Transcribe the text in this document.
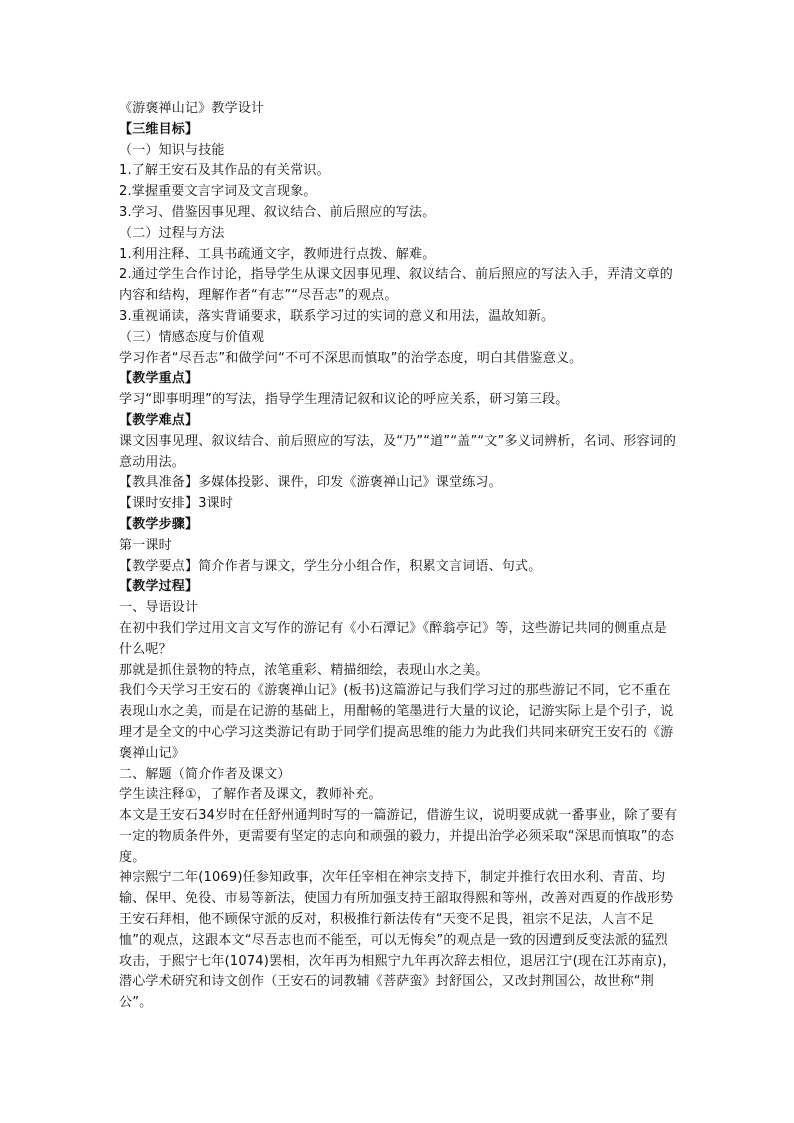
《游褒禅山记》教学设计

【三维目标】

（一）知识与技能

1.了解王安石及其作品的有关常识。

2.掌握重要文言字词及文言现象。

3.学习、借鉴因事见理、叙议结合、前后照应的写法。

（二）过程与方法

1.利用注释、工具书疏通文字，教师进行点拨、解难。

2.通过学生合作讨论，指导学生从课文因事见理、叙议结合、前后照应的写法入手，弄清文章的内容和结构，理解作者“有志”“尽吾志”的观点。

3.重视诵读，落实背诵要求，联系学习过的实词的意义和用法，温故知新。

（三）情感态度与价值观

学习作者“尽吾志”和做学问“不可不深思而慎取”的治学态度，明白其借鉴意义。

【教学重点】

学习“即事明理”的写法，指导学生理清记叙和议论的呼应关系，研习第三段。

【教学难点】

课文因事见理、叙议结合、前后照应的写法，及“乃”“道”“盖”“文”多义词辨析，名词、形容词的意动用法。

【教具准备】多媒体投影、课件，印发《游褒禅山记》课堂练习。

【课时安排】3课时

【教学步骤】

第一课时

【教学要点】简介作者与课文，学生分小组合作，积累文言词语、句式。

【教学过程】

一、导语设计

在初中我们学过用文言文写作的游记有《小石潭记》《醉翁亭记》等，这些游记共同的侧重点是什么呢？

那就是抓住景物的特点，浓笔重彩、精描细绘，表现山水之美。

我们今天学习王安石的《游褒禅山记》(板书)这篇游记与我们学习过的那些游记不同，它不重在表现山水之美，而是在记游的基础上，用酣畅的笔墨进行大量的议论，记游实际上是个引子，说理才是全文的中心学习这类游记有助于同学们提高思维的能力为此我们共同来研究王安石的《游褒禅山记》

二、解题（简介作者及课文）

学生读注释①，了解作者及课文，教师补充。

本文是王安石34岁时在任舒州通判时写的一篇游记，借游生议，说明要成就一番事业，除了要有一定的物质条件外，更需要有坚定的志向和顽强的毅力，并提出治学必须采取“深思而慎取”的态度。

神宗熙宁二年(1069)任参知政事，次年任宰相在神宗支持下，制定并推行农田水利、青苗、均输、保甲、免役、市易等新法，使国力有所加强支持王韶取得熙和等州，改善对西夏的作战形势王安石拜相，他不顾保守派的反对，积极推行新法传有“天变不足畏，祖宗不足法，人言不足恤”的观点，这跟本文“尽吾志也而不能至，可以无悔矣”的观点是一致的因遭到反变法派的猛烈攻击，于熙宁七年(1074)罢相，次年再为相熙宁九年再次辞去相位，退居江宁(现在江苏南京)，潜心学术研究和诗文创作（王安石的词教辅《菩萨蛮》封舒国公，又改封荆国公，故世称“荆公”。
